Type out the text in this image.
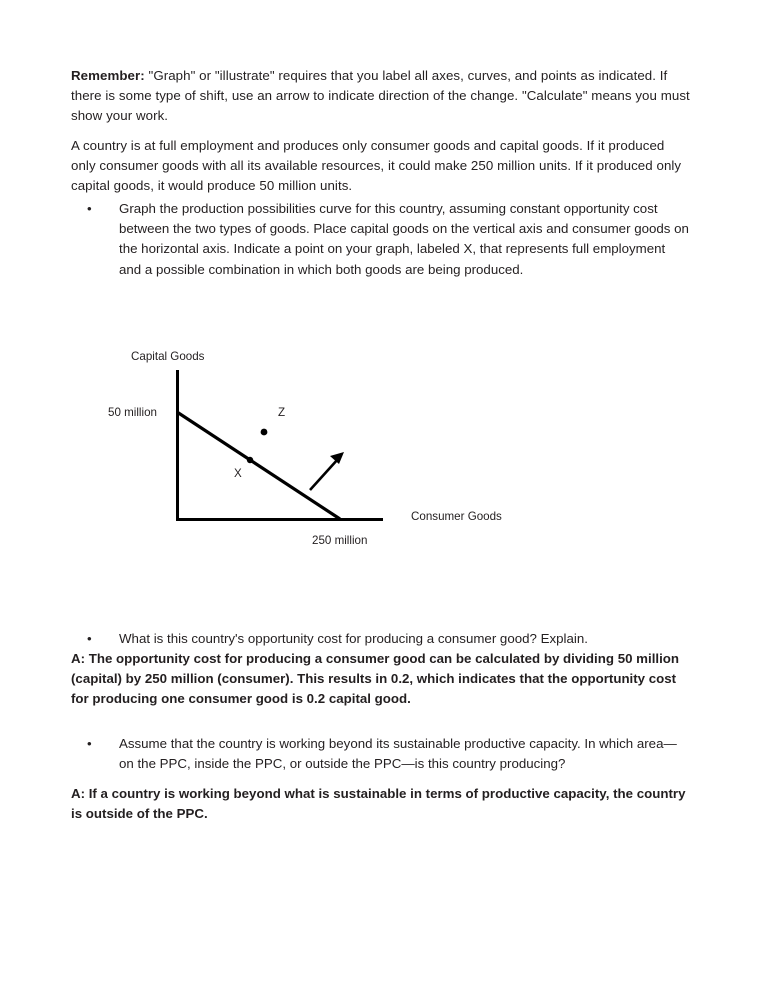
Remember: "Graph" or "illustrate" requires that you label all axes, curves, and points as indicated. If there is some type of shift, use an arrow to indicate direction of the change. "Calculate" means you must show your work.
A country is at full employment and produces only consumer goods and capital goods. If it produced only consumer goods with all its available resources, it could make 250 million units. If it produced only capital goods, it would produce 50 million units.
•	Graph the production possibilities curve for this country, assuming constant opportunity cost between the two types of goods. Place capital goods on the vertical axis and consumer goods on the horizontal axis. Indicate a point on your graph, labeled X, that represents full employment and a possible combination in which both goods are being produced.
Capital Goods
50 million
Consumer Goods
250 million
Z
X
•	What is this country's opportunity cost for producing a consumer good? Explain.
A: The opportunity cost for producing a consumer good can be calculated by dividing 50 million (capital) by 250 million (consumer). This results in 0.2, which indicates that the opportunity cost for producing one consumer good is 0.2 capital good.
•	Assume that the country is working beyond its sustainable productive capacity. In which area—on the PPC, inside the PPC, or outside the PPC—is this country producing?
A: If a country is working beyond what is sustainable in terms of productive capacity, the country is outside of the PPC.
